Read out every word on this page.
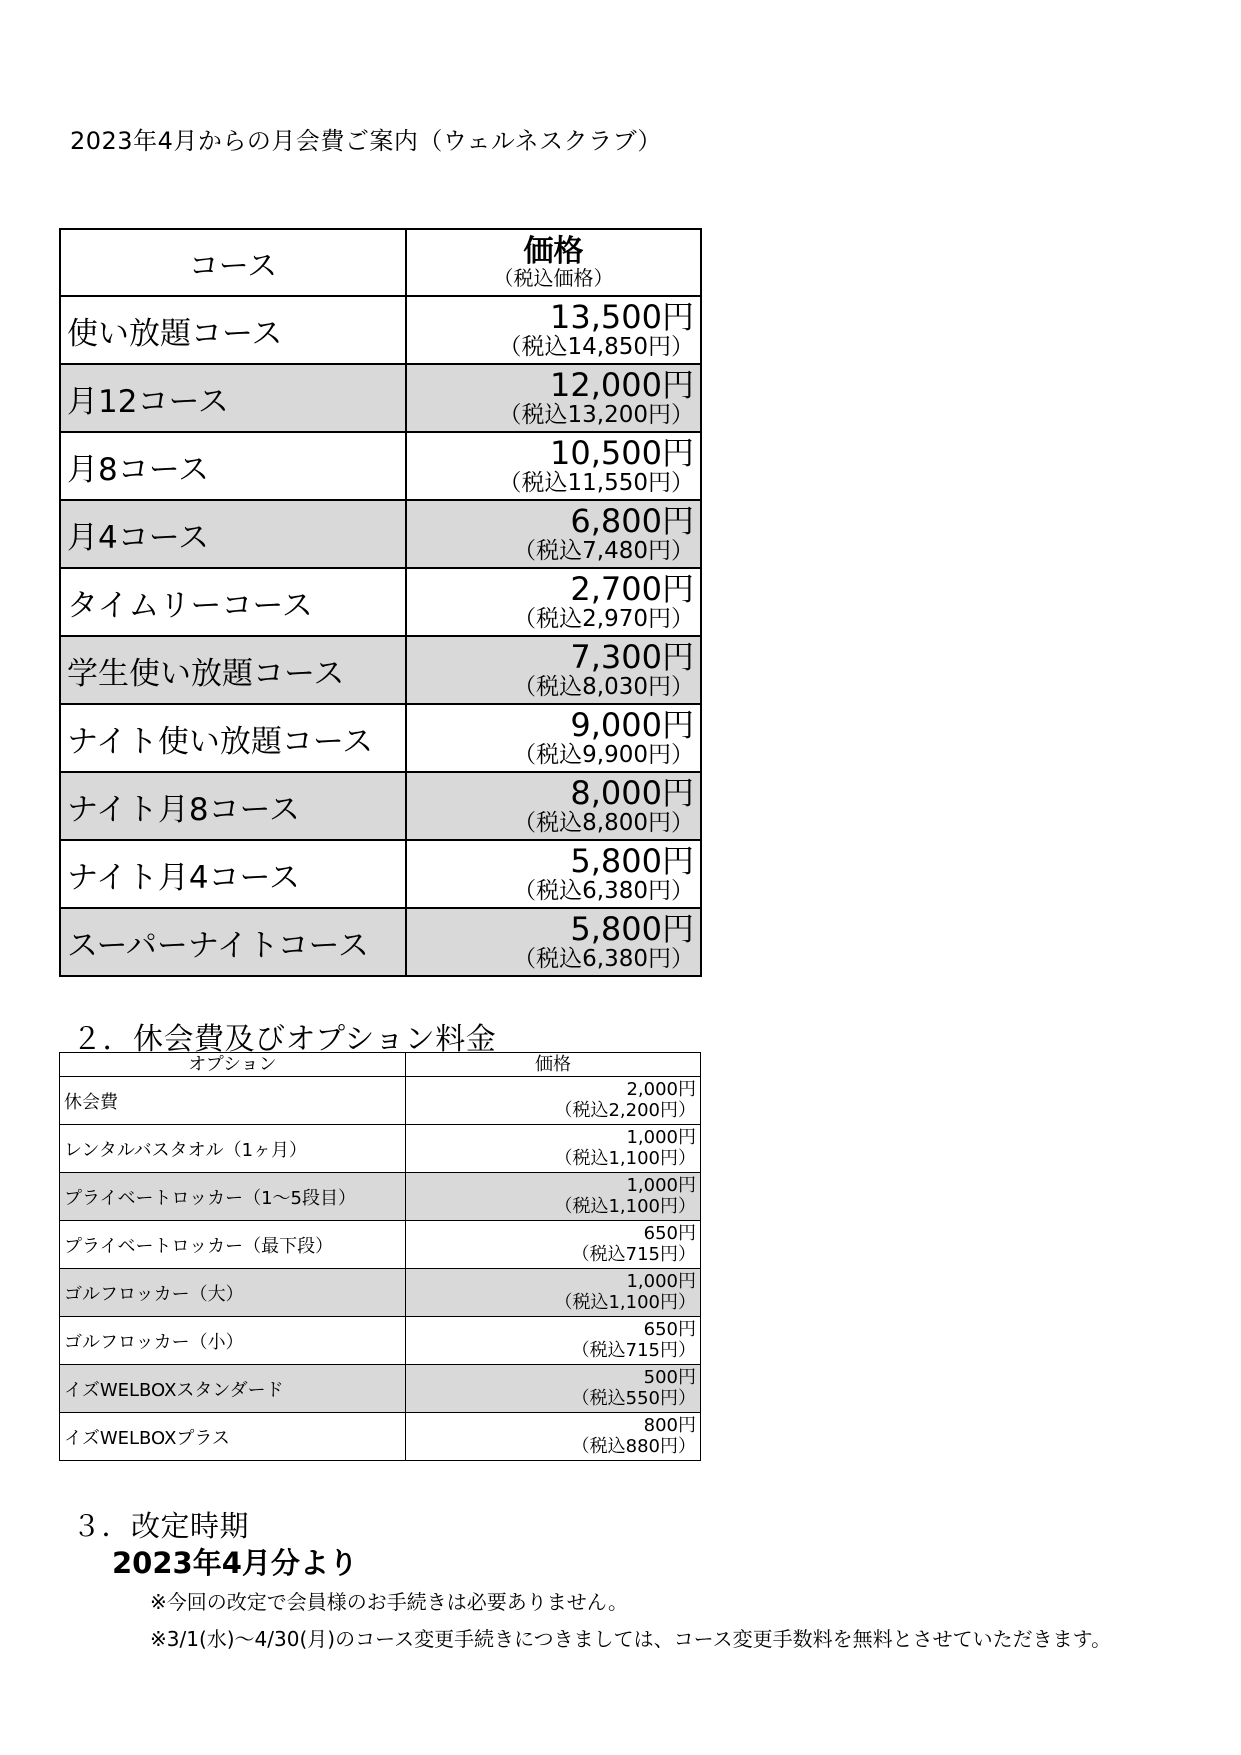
2023年4月からの月会費ご案内（ウェルネスクラブ）
コース	価格
（税込価格）

使い放題コース	13,500円
（税込14,850円）

月12コース	12,000円
（税込13,200円）

月8コース	10,500円
（税込11,550円）

月4コース	6,800円
（税込7,480円）

タイムリーコース	2,700円
（税込2,970円）

学生使い放題コース	7,300円
（税込8,030円）

ナイト使い放題コース	9,000円
（税込9,900円）

ナイト月8コース	8,000円
（税込8,800円）

ナイト月4コース	5,800円
（税込6,380円）

スーパーナイトコース	5,800円
（税込6,380円）
２．休会費及びオプション料金
オプション	価格
休会費	2,000円
（税込2,200円）

レンタルバスタオル（1ヶ月）	1,000円
（税込1,100円）

プライベートロッカー（1～5段目）	1,000円
（税込1,100円）

プライベートロッカー（最下段）	650円
（税込715円）

ゴルフロッカー（大）	1,000円
（税込1,100円）

ゴルフロッカー（小）	650円
（税込715円）

イズWELBOXスタンダード	500円
（税込550円）

イズWELBOXプラス	800円
（税込880円）
３．改定時期
2023年4月分より
※今回の改定で会員様のお手続きは必要ありません。
※3/1(水)～4/30(月)のコース変更手続きにつきましては、コース変更手数料を無料とさせていただきます。
